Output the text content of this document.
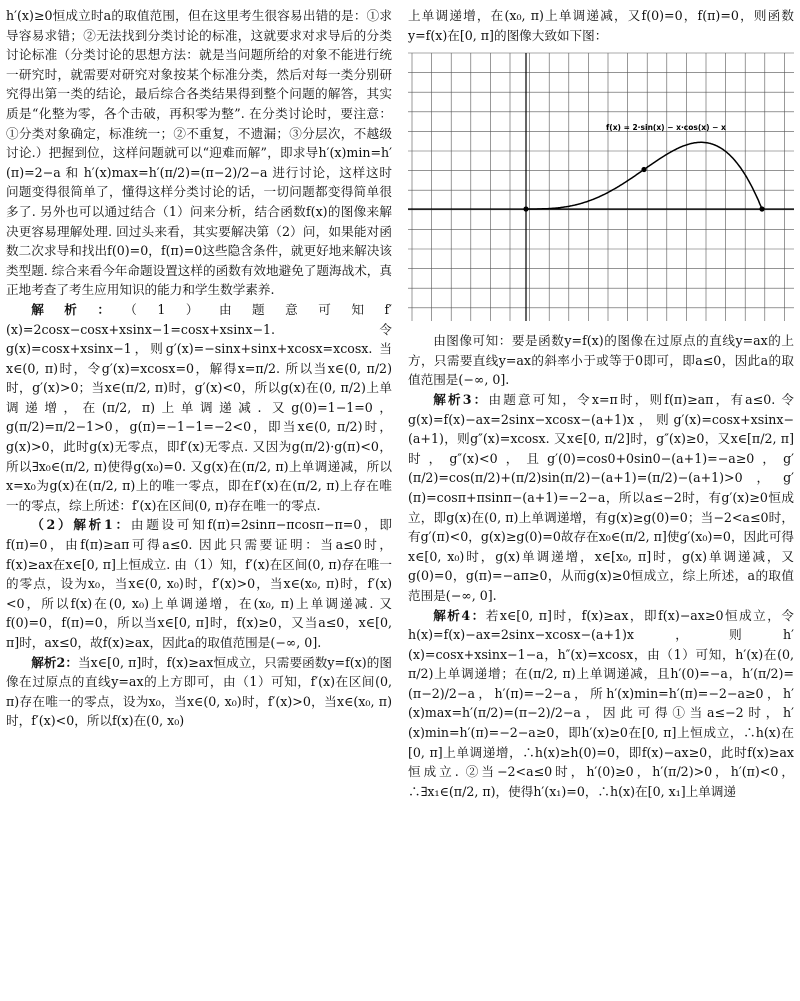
h′(x)≥0恒成立时a的取值范围，但在这里考生很容易出错的是：①求导容易求错；②无法找到分类讨论的标准，这就要求对求导后的分类讨论标准（分类讨论的思想方法：就是当问题所给的对象不能进行统一研究时，就需要对研究对象按某个标准分类，然后对每一类分别研究得出第一类的结论，最后综合各类结果得到整个问题的解答，其实质是“化整为零，各个击破，再积零为整”. 在分类讨论时，要注意：①分类对象确定，标准统一；②不重复，不遗漏；③分层次，不越级讨论.）把握到位，这样问题就可以“迎难而解”，即求导h′(x)min=h′(π)=2−a 和 h′(x)max=h′(π/2)=(π−2)/2−a 进行讨论，这样这时问题变得很简单了，懂得这样分类讨论的话，一切问题都变得简单很多了. 另外也可以通过结合（1）问来分析，结合函数f(x)的图像来解决更容易理解处理. 回过头来看，其实要解决第（2）问，如果能对函数二次求导和找出f(0)=0，f(π)=0这些隐含条件，就更好地来解决该类型题. 综合来看今年命题设置这样的函数有效地避免了题海战术，真正地考查了考生应用知识的能力和学生数学素养.

解析：（1）由题意可知f′(x)=2cosx−cosx+xsinx−1=cosx+xsinx−1. 令g(x)=cosx+xsinx−1，则g′(x)=−sinx+sinx+xcosx=xcosx. 当x∈(0, π)时，令g′(x)=xcosx=0，解得x=π/2. 所以当x∈(0, π/2)时，g′(x)>0；当x∈(π/2, π)时，g′(x)<0，所以g(x)在(0, π/2)上单调递增，在(π/2, π)上单调递减. 又g(0)=1−1=0，g(π/2)=π/2−1>0，g(π)=−1−1=−2<0，即当x∈(0, π/2)时，g(x)>0，此时g(x)无零点，即f′(x)无零点. 又因为g(π/2)·g(π)<0，所以∃x₀∈(π/2, π)使得g(x₀)=0. 又g(x)在(π/2, π)上单调递减，所以x=x₀为g(x)在(π/2, π)上的唯一零点，即在f′(x)在(π/2, π)上存在唯一的零点，综上所述：f′(x)在区间(0, π)存在唯一的零点.

（2）解析1：由题设可知f(π)=2sinπ−πcosπ−π=0，即f(π)=0，由f(π)≥aπ可得a≤0. 因此只需要证明：当a≤0时，f(x)≥ax在x∈[0, π]上恒成立. 由（1）知，f′(x)在区间(0, π)存在唯一的零点，设为x₀，当x∈(0, x₀)时，f′(x)>0，当x∈(x₀, π)时，f′(x)<0，所以f(x)在(0, x₀)上单调递增，在(x₀, π)上单调递减. 又f(0)=0，f(π)=0，所以当x∈[0, π]时，f(x)≥0，又当a≤0，x∈[0, π]时，ax≤0，故f(x)≥ax，因此a的取值范围是(−∞, 0].

解析2：当x∈[0, π]时，f(x)≥ax恒成立，只需要函数y=f(x)的图像在过原点的直线y=ax的上方即可，由（1）可知，f′(x)在区间(0, π)存在唯一的零点，设为x₀，当x∈(0, x₀)时，f′(x)>0，当x∈(x₀, π)时，f′(x)<0，所以f(x)在(0, x₀)

上单调递增，在(x₀, π)上单调递减，又f(0)=0，f(π)=0，则函数y=f(x)在[0, π]的图像大致如下图：

f(x) = 2·sin(x) − x·cos(x) − x

由图像可知：要是函数y=f(x)的图像在过原点的直线y=ax的上方，只需要直线y=ax的斜率小于或等于0即可，即a≤0，因此a的取值范围是(−∞, 0].

解析3：由题意可知，令x=π时，则f(π)≥aπ，有a≤0. 令g(x)=f(x)−ax=2sinx−xcosx−(a+1)x，则g′(x)=cosx+xsinx−(a+1)，则g″(x)=xcosx. 又x∈[0, π/2]时，g″(x)≥0，又x∈[π/2, π]时，g″(x)<0，且g′(0)=cos0+0sin0−(a+1)=−a≥0，g′(π/2)=cos(π/2)+(π/2)sin(π/2)−(a+1)=(π/2)−(a+1)>0，g′(π)=cosπ+πsinπ−(a+1)=−2−a，所以a≤−2时，有g′(x)≥0恒成立，即g(x)在(0, π)上单调递增，有g(x)≥g(0)=0；当−2<a≤0时，有g′(π)<0，g(x)≥g(0)=0故存在x₀∈(π/2, π]使g′(x₀)=0，因此可得x∈[0, x₀)时，g(x)单调递增，x∈[x₀, π]时，g(x)单调递减，又g(0)=0，g(π)=−aπ≥0，从而g(x)≥0恒成立，综上所述，a的取值范围是(−∞, 0].

解析4：若x∈[0, π]时，f(x)≥ax，即f(x)−ax≥0恒成立，令h(x)=f(x)−ax=2sinx−xcosx−(a+1)x，则h′(x)=cosx+xsinx−1−a，h″(x)=xcosx，由（1）可知，h′(x)在(0, π/2)上单调递增；在(π/2, π)上单调递减，且h′(0)=−a，h′(π/2)=(π−2)/2−a，h′(π)=−2−a，所h′(x)min=h′(π)=−2−a≥0，h′(x)max=h′(π/2)=(π−2)/2−a，因此可得①当a≤−2时，h′(x)min=h′(π)=−2−a≥0，即h′(x)≥0在[0, π]上恒成立，∴h(x)在[0, π]上单调递增，∴h(x)≥h(0)=0，即f(x)−ax≥0，此时f(x)≥ax恒成立. ②当−2<a≤0时，h′(0)≥0，h′(π/2)>0，h′(π)<0，∴∃x₁∈(π/2, π)，使得h′(x₁)=0，∴h(x)在[0, x₁]上单调递
